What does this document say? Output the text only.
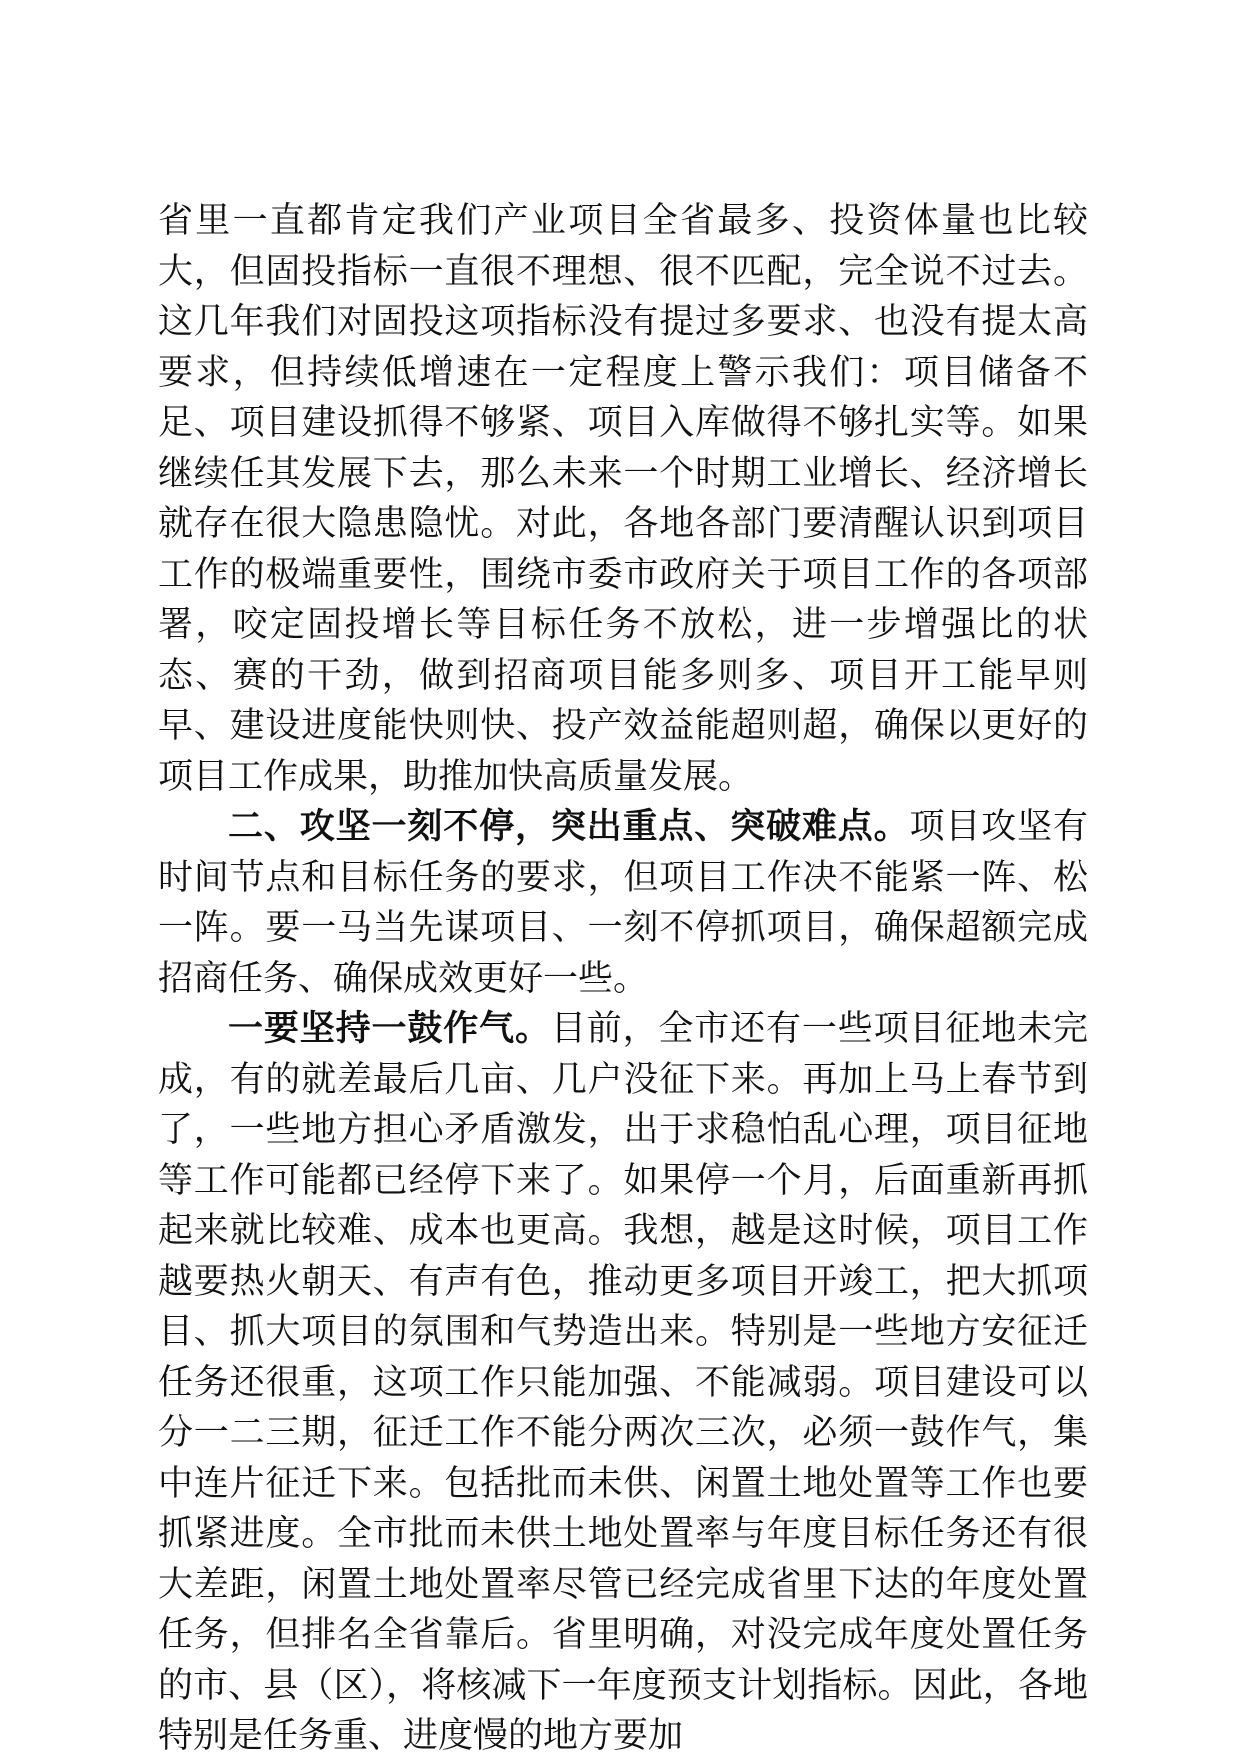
省里一直都肯定我们产业项目全省最多、投资体量也比较大，但固投指标一直很不理想、很不匹配，完全说不过去。这几年我们对固投这项指标没有提过多要求、也没有提太高要求，但持续低增速在一定程度上警示我们：项目储备不足、项目建设抓得不够紧、项目入库做得不够扎实等。如果继续任其发展下去，那么未来一个时期工业增长、经济增长就存在很大隐患隐忧。对此，各地各部门要清醒认识到项目工作的极端重要性，围绕市委市政府关于项目工作的各项部署，咬定固投增长等目标任务不放松，进一步增强比的状态、赛的干劲，做到招商项目能多则多、项目开工能早则早、建设进度能快则快、投产效益能超则超，确保以更好的项目工作成果，助推加快高质量发展。

二、攻坚一刻不停，突出重点、突破难点。项目攻坚有时间节点和目标任务的要求，但项目工作决不能紧一阵、松一阵。要一马当先谋项目、一刻不停抓项目，确保超额完成招商任务、确保成效更好一些。

一要坚持一鼓作气。目前，全市还有一些项目征地未完成，有的就差最后几亩、几户没征下来。再加上马上春节到了，一些地方担心矛盾激发，出于求稳怕乱心理，项目征地等工作可能都已经停下来了。如果停一个月，后面重新再抓起来就比较难、成本也更高。我想，越是这时候，项目工作越要热火朝天、有声有色，推动更多项目开竣工，把大抓项目、抓大项目的氛围和气势造出来。特别是一些地方安征迁任务还很重，这项工作只能加强、不能减弱。项目建设可以分一二三期，征迁工作不能分两次三次，必须一鼓作气，集中连片征迁下来。包括批而未供、闲置土地处置等工作也要抓紧进度。全市批而未供土地处置率与年度目标任务还有很大差距，闲置土地处置率尽管已经完成省里下达的年度处置任务，但排名全省靠后。省里明确，对没完成年度处置任务的市、县（区），将核减下一年度预支计划指标。因此，各地特别是任务重、进度慢的地方要加
